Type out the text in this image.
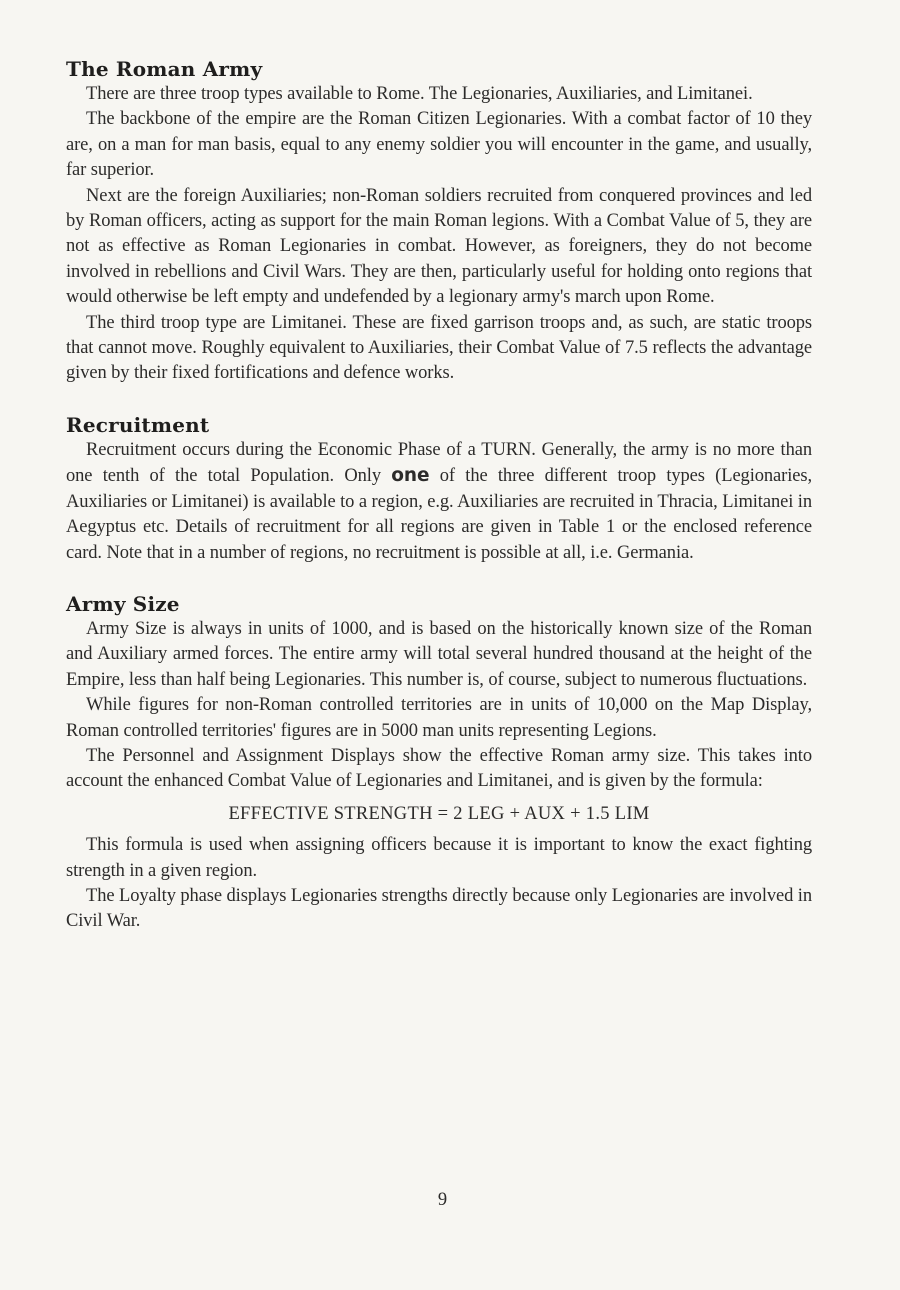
The Roman Army

There are three troop types available to Rome. The Legionaries, Auxiliaries, and Limitanei.

The backbone of the empire are the Roman Citizen Legionaries. With a combat factor of 10 they are, on a man for man basis, equal to any enemy soldier you will encounter in the game, and usually, far superior.

Next are the foreign Auxiliaries; non-Roman soldiers recruited from conquered provinces and led by Roman officers, acting as support for the main Roman legions. With a Combat Value of 5, they are not as effective as Roman Legionaries in combat. However, as foreigners, they do not become involved in rebellions and Civil Wars. They are then, particularly useful for holding onto regions that would otherwise be left empty and undefended by a legionary army's march upon Rome.

The third troop type are Limitanei. These are fixed garrison troops and, as such, are static troops that cannot move. Roughly equivalent to Auxiliaries, their Combat Value of 7.5 reflects the advantage given by their fixed fortifications and defence works.

Recruitment

Recruitment occurs during the Economic Phase of a TURN. Generally, the army is no more than one tenth of the total Population. Only one of the three different troop types (Legionaries, Auxiliaries or Limitanei) is available to a region, e.g. Auxiliaries are recruited in Thracia, Limitanei in Aegyptus etc. Details of recruitment for all regions are given in Table 1 or the enclosed reference card. Note that in a number of regions, no recruitment is possible at all, i.e. Germania.

Army Size

Army Size is always in units of 1000, and is based on the historically known size of the Roman and Auxiliary armed forces. The entire army will total several hundred thousand at the height of the Empire, less than half being Legionaries. This number is, of course, subject to numerous fluctuations.

While figures for non-Roman controlled territories are in units of 10,000 on the Map Display, Roman controlled territories' figures are in 5000 man units representing Legions.

The Personnel and Assignment Displays show the effective Roman army size. This takes into account the enhanced Combat Value of Legionaries and Limitanei, and is given by the formula:

EFFECTIVE STRENGTH = 2 LEG + AUX + 1.5 LIM

This formula is used when assigning officers because it is important to know the exact fighting strength in a given region.

The Loyalty phase displays Legionaries strengths directly because only Legionaries are involved in Civil War.

9
